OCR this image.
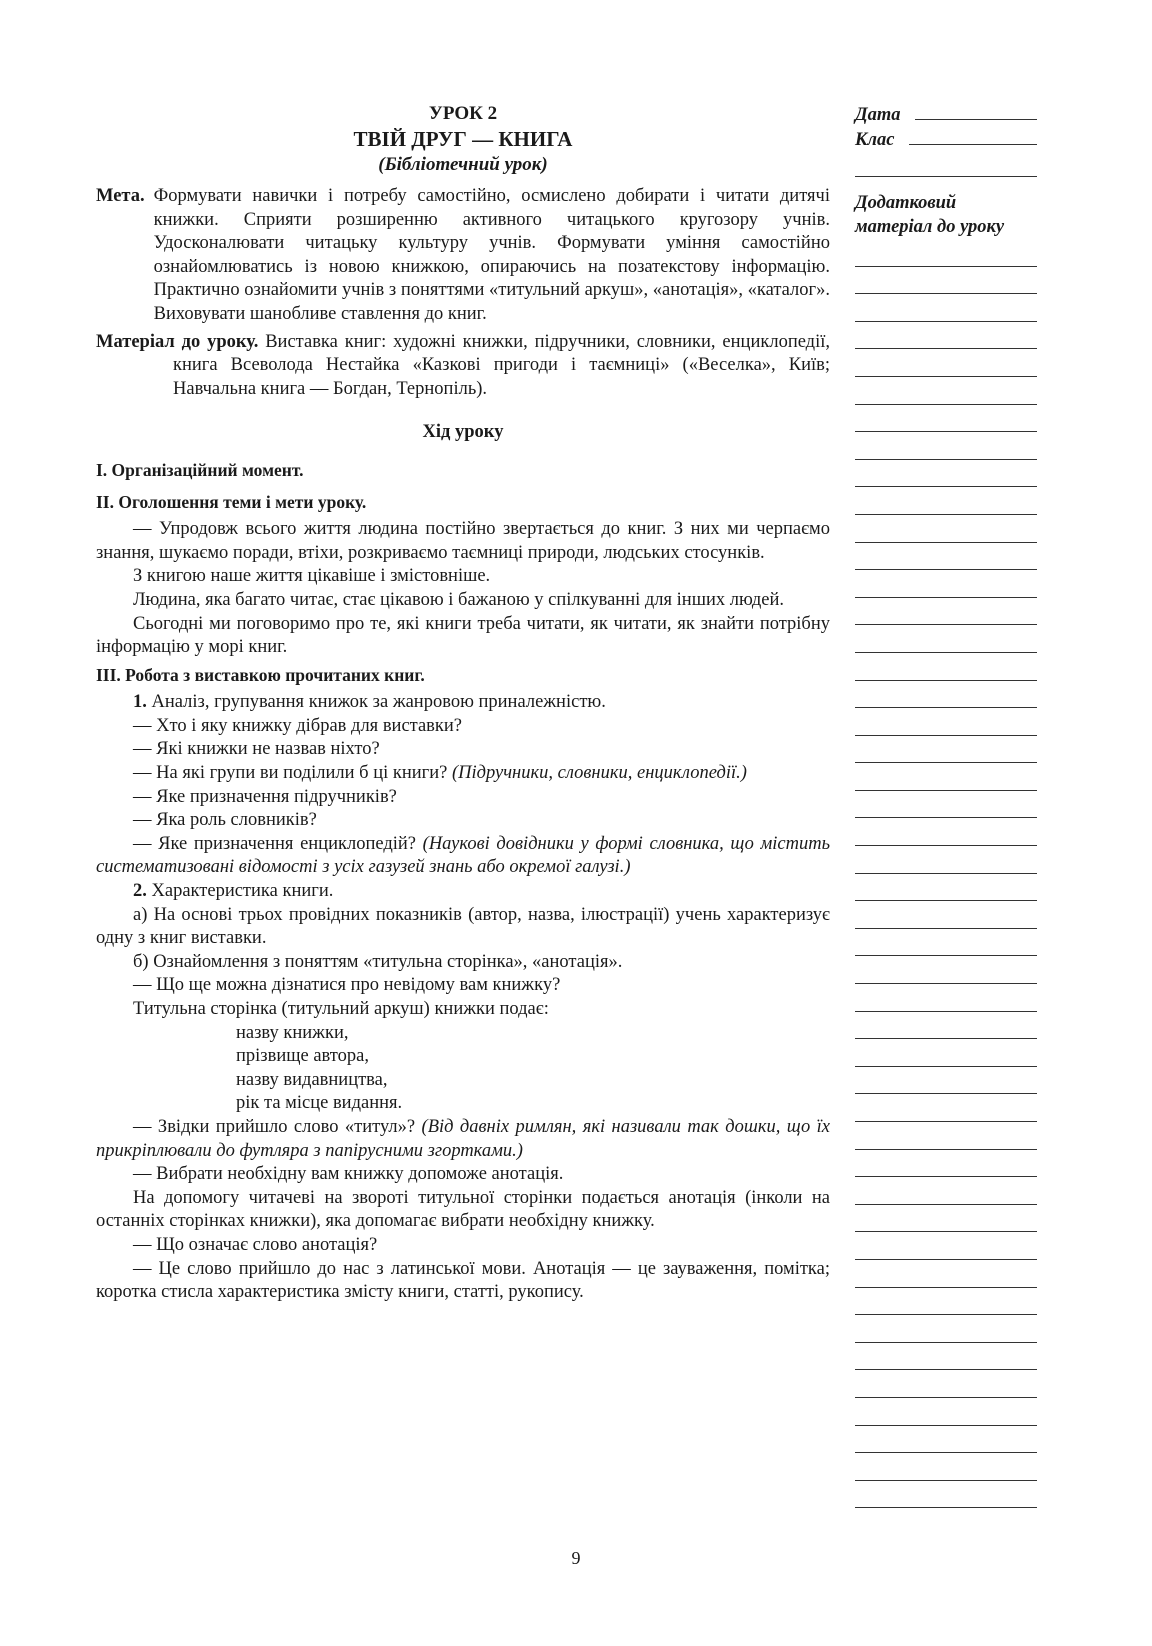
УРОК 2
ТВІЙ ДРУГ — КНИГА
(Бібліотечний урок)
Мета. Формувати навички і потребу самостійно, осмислено добирати і читати дитячі книжки. Сприяти розширенню активного читацького кругозору учнів. Удосконалювати читацьку культуру учнів. Формувати уміння самостійно ознайомлюватись із новою книжкою, опираючись на позатекстову інформацію. Практично ознайомити учнів з поняттями «титульний аркуш», «анотація», «каталог». Виховувати шанобливе ставлення до книг.
Матеріал до уроку. Виставка книг: художні книжки, підручники, словники, енциклопедії, книга Всеволода Нестайка «Казкові пригоди і таємниці» («Веселка», Київ; Навчальна книга — Богдан, Тернопіль).
Хід уроку
І. Організаційний момент.
ІІ. Оголошення теми і мети уроку.

— Упродовж всього життя людина постійно звертається до книг. З них ми черпаємо знання, шукаємо поради, втіхи, розкриваємо таємниці природи, людських стосунків.

З книгою наше життя цікавіше і змістовніше.

Людина, яка багато читає, стає цікавою і бажаною у спілкуванні для інших людей.

Сьогодні ми поговоримо про те, які книги треба читати, як читати, як знайти потрібну інформацію у морі книг.

ІІІ. Робота з виставкою прочитаних книг.

1. Аналіз, групування книжок за жанровою приналежністю.

— Хто і яку книжку дібрав для виставки?

— Які книжки не назвав ніхто?

— На які групи ви поділили б ці книги? (Підручники, словники, енциклопедії.)

— Яке призначення підручників?

— Яка роль словників?

— Яке призначення енциклопедій? (Наукові довідники у формі словника, що містить систематизовані відомості з усіх газузей знань або окремої галузі.)

2. Характеристика книги.

а) На основі трьох провідних показників (автор, назва, ілюстрації) учень характеризує одну з книг виставки.

б) Ознайомлення з поняттям «титульна сторінка», «анотація».

— Що ще можна дізнатися про невідому вам книжку?

Титульна сторінка (титульний аркуш) книжки подає:

назву книжки,
прізвище автора,
назву видавництва,
рік та місце видання.

— Звідки прийшло слово «титул»? (Від давніх римлян, які називали так дошки, що їх прикріплювали до футляра з папірусними згортками.)

— Вибрати необхідну вам книжку допоможе анотація.

На допомогу читачеві на звороті титульної сторінки подається анотація (інколи на останніх сторінках книжки), яка допомагає вибрати необхідну книжку.

— Що означає слово анотація?

— Це слово прийшло до нас з латинської мови. Анотація — це зауваження, помітка; коротка стисла характеристика змісту книги, статті, рукопису.

Дата
Клас
Додатковий матеріал до уроку
9
